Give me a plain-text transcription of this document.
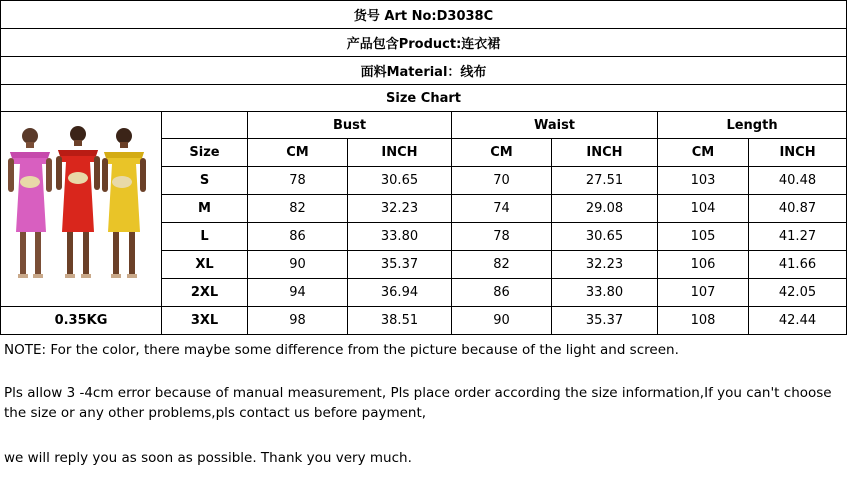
货号 Art No:D3038C							
产品包含Product:连衣裙							
面料Material：线布							
Size Chart							
		Bust		Waist		Length	
	Size	CM	INCH	CM	INCH	CM	INCH
	S	78	30.65	70	27.51	103	40.48
	M	82	32.23	74	29.08	104	40.87
	L	86	33.80	78	30.65	105	41.27
	XL	90	35.37	82	32.23	106	41.66
	2XL	94	36.94	86	33.80	107	42.05
0.35KG	3XL	98	38.51	90	35.37	108	42.44

NOTE: For the color, there maybe some difference from the picture because of the light and screen.

Pls allow 3 -4cm error because of manual measurement, Pls place order according the size information,If you can't choose the size or any other problems,pls contact us before payment,

we will reply you as soon as possible. Thank you very much.
